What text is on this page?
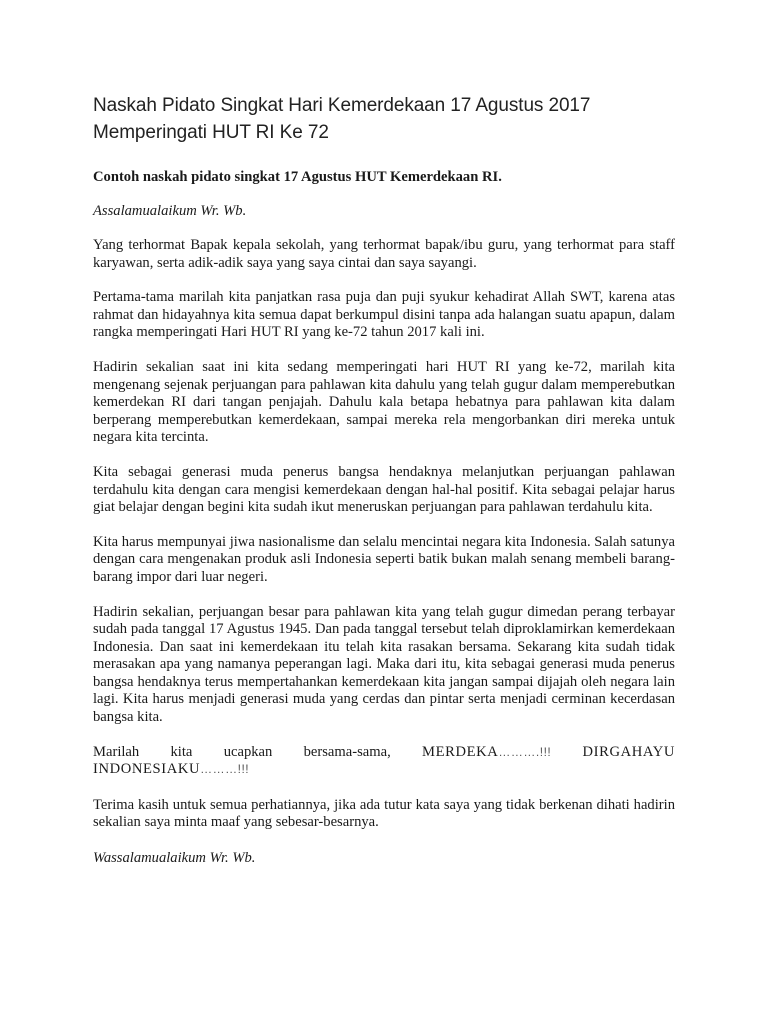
Naskah Pidato Singkat Hari Kemerdekaan 17 Agustus 2017
Memperingati HUT RI Ke 72

Contoh naskah pidato singkat 17 Agustus HUT Kemerdekaan RI.

Assalamualaikum Wr. Wb.

Yang terhormat Bapak kepala sekolah, yang terhormat bapak/ibu guru, yang terhormat para staff karyawan, serta adik-adik saya yang saya cintai dan saya sayangi.

Pertama-tama marilah kita panjatkan rasa puja dan puji syukur kehadirat Allah SWT, karena atas rahmat dan hidayahnya kita semua dapat berkumpul disini tanpa ada halangan suatu apapun, dalam rangka memperingati Hari HUT RI yang ke-72 tahun 2017 kali ini.

Hadirin sekalian saat ini kita sedang memperingati hari HUT RI yang ke-72, marilah kita mengenang sejenak perjuangan para pahlawan kita dahulu yang telah gugur dalam memperebutkan kemerdekan RI dari tangan penjajah. Dahulu kala betapa hebatnya para pahlawan kita dalam berperang memperebutkan kemerdekaan, sampai mereka rela mengorbankan diri mereka untuk negara kita tercinta.

Kita sebagai generasi muda penerus bangsa hendaknya melanjutkan perjuangan pahlawan terdahulu kita dengan cara mengisi kemerdekaan dengan hal-hal positif. Kita sebagai pelajar harus giat belajar dengan begini kita sudah ikut meneruskan perjuangan para pahlawan terdahulu kita.

Kita harus mempunyai jiwa nasionalisme dan selalu mencintai negara kita Indonesia. Salah satunya dengan cara mengenakan produk asli Indonesia seperti batik bukan malah senang membeli barang-barang impor dari luar negeri.

Hadirin sekalian, perjuangan besar para pahlawan kita yang telah gugur dimedan perang terbayar sudah pada tanggal 17 Agustus 1945. Dan pada tanggal tersebut telah diproklamirkan kemerdekaan Indonesia. Dan saat ini kemerdekaan itu telah kita rasakan bersama. Sekarang kita sudah tidak merasakan apa yang namanya peperangan lagi. Maka dari itu, kita sebagai generasi muda penerus bangsa hendaknya terus mempertahankan kemerdekaan kita jangan sampai dijajah oleh negara lain lagi. Kita harus menjadi generasi muda yang cerdas dan pintar serta menjadi cerminan kecerdasan bangsa kita.

Marilah kita ucapkan bersama-sama, MERDEKA……….!!! DIRGAHAYU
INDONESIAKU………!!!

Terima kasih untuk semua perhatiannya, jika ada tutur kata saya yang tidak berkenan dihati hadirin sekalian saya minta maaf yang sebesar-besarnya.

Wassalamualaikum Wr. Wb.
